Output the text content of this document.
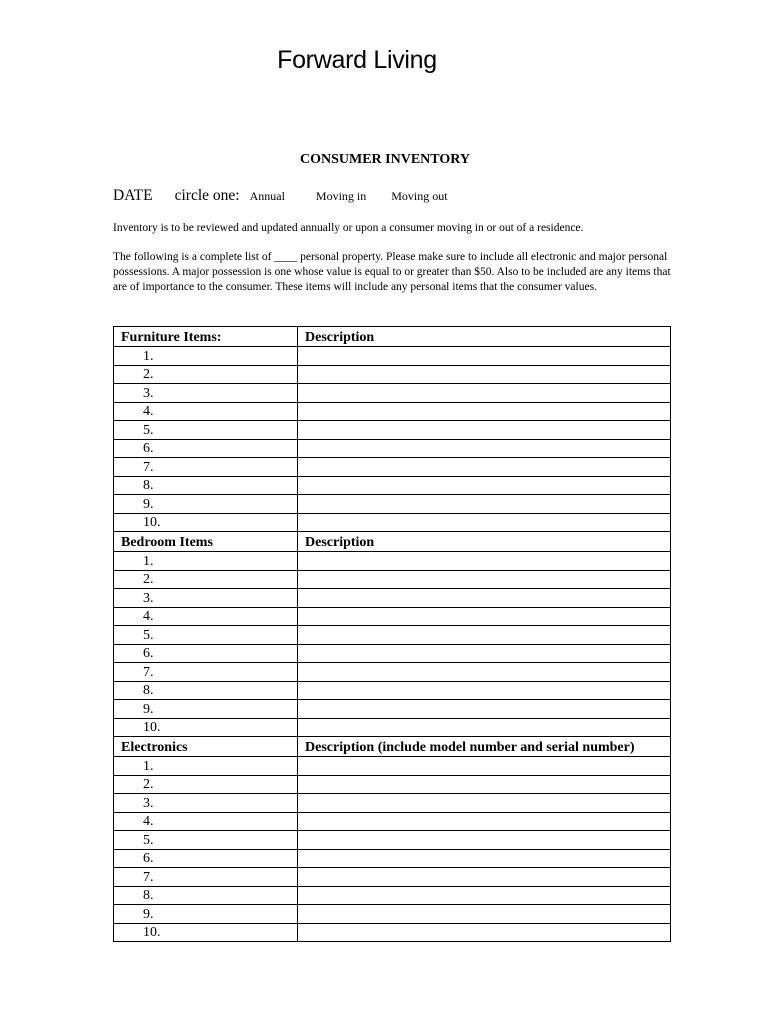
Forward Living
CONSUMER INVENTORY
DATE circle one: Annual	Moving in Moving out
Inventory is to be reviewed and updated annually or upon a consumer moving in or out of a residence.
The following is a complete list of ____ personal property. Please make sure to include all electronic and major personal possessions. A major possession is one whose value is equal to or greater than $50. Also to be included are any items that are of importance to the consumer. These items will include any personal items that the consumer values.
Furniture Items:	Description
1.	
2.	
3.	
4.	
5.	
6.	
7.	
8.	
9.	
10.	
Bedroom Items	Description
1.	
2.	
3.	
4.	
5.	
6.	
7.	
8.	
9.	
10.	
Electronics	Description (include model number and serial number)
1.	
2.	
3.	
4.	
5.	
6.	
7.	
8.	
9.	
10.	
